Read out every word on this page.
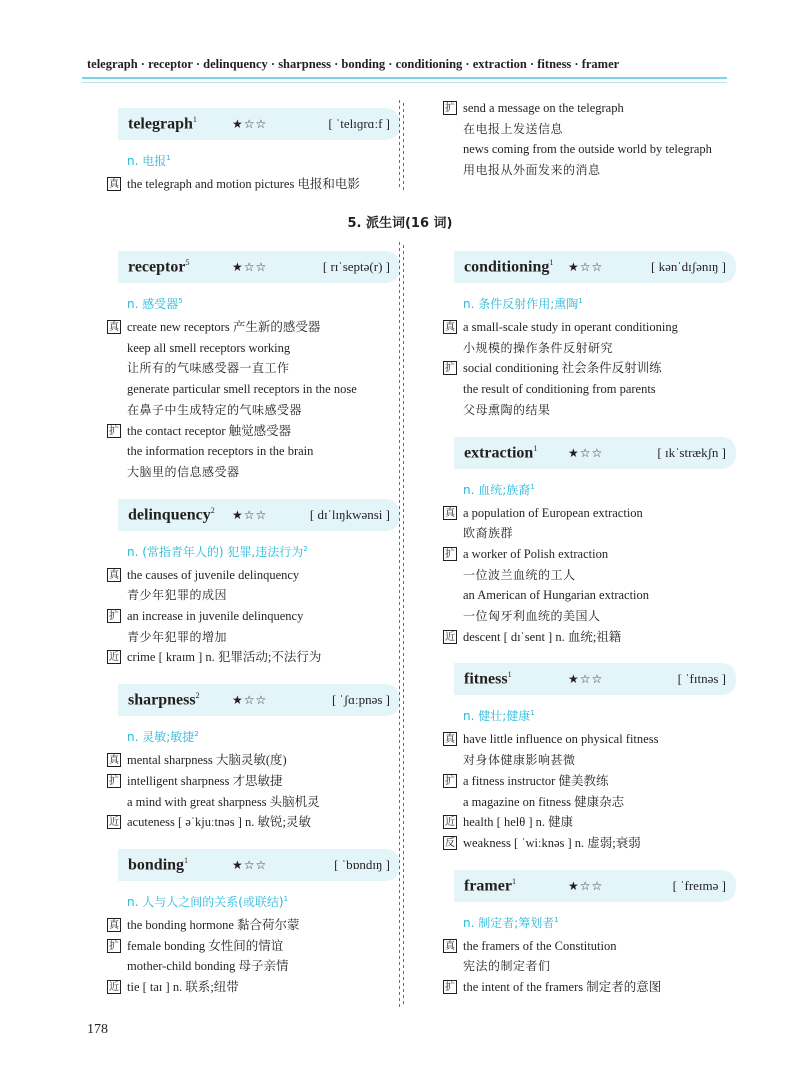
telegraph · receptor · delinquency · sharpness · bonding · conditioning · extraction · fitness · framer
telegraph$^1$	★☆☆	[ ˈtelɪɡrɑːf ]
n. 电报$^1$
真 the telegraph and motion pictures 电报和电影
扩 send a message on the telegraph
在电报上发送信息
news coming from the outside world by telegraph
用电报从外面发来的消息
5. 派生词(16 词)
receptor$^5$	★☆☆	[ rɪˈseptə(r) ]
n. 感受器$^5$
真 create new receptors 产生新的感受器
keep all smell receptors working
让所有的气味感受器一直工作
generate particular smell receptors in the nose
在鼻子中生成特定的气味感受器
扩 the contact receptor 触觉感受器
the information receptors in the brain
大脑里的信息感受器
delinquency$^2$ ★☆☆	[ dɪˈlɪŋkwənsi ]
n. (常指青年人的) 犯罪,违法行为$^2$
真 the causes of juvenile delinquency
青少年犯罪的成因
扩 an increase in juvenile delinquency
青少年犯罪的增加
近 crime [ kraɪm ] n. 犯罪活动;不法行为
sharpness$^2$	★☆☆	[ ˈʃɑːpnəs ]
n. 灵敏;敏捷$^2$
真 mental sharpness 大脑灵敏(度)
扩 intelligent sharpness 才思敏捷
a mind with great sharpness 头脑机灵
近 acuteness [ əˈkjuːtnəs ] n. 敏锐;灵敏
bonding$^1$	★☆☆	[ ˈbɒndɪŋ ]
n. 人与人之间的关系(或联结)$^1$
真 the bonding hormone 黏合荷尔蒙
扩 female bonding 女性间的情谊
mother-child bonding 母子亲情
近 tie [ taɪ ] n. 联系;纽带
conditioning$^1$ ★☆☆	[ kənˈdɪʃənɪŋ ]
n. 条件反射作用;熏陶$^1$
真 a small-scale study in operant conditioning
小规模的操作条件反射研究
扩 social conditioning 社会条件反射训练
the result of conditioning from parents
父母熏陶的结果
extraction$^1$	★☆☆	[ ɪkˈstrækʃn ]
n. 血统;族裔$^1$
真 a population of European extraction
欧裔族群
扩 a worker of Polish extraction
一位波兰血统的工人
an American of Hungarian extraction
一位匈牙利血统的美国人
近 descent [ dɪˈsent ] n. 血统;祖籍
fitness$^1$	★☆☆	[ ˈfɪtnəs ]
n. 健壮;健康$^1$
真 have little influence on physical fitness
对身体健康影响甚微
扩 a fitness instructor 健美教练
a magazine on fitness 健康杂志
近 health [ helθ ] n. 健康
反 weakness [ ˈwiːknəs ] n. 虚弱;衰弱
framer$^1$	★☆☆	[ ˈfreɪmə ]
n. 制定者;筹划者$^1$
真 the framers of the Constitution
宪法的制定者们
扩 the intent of the framers 制定者的意图
178
